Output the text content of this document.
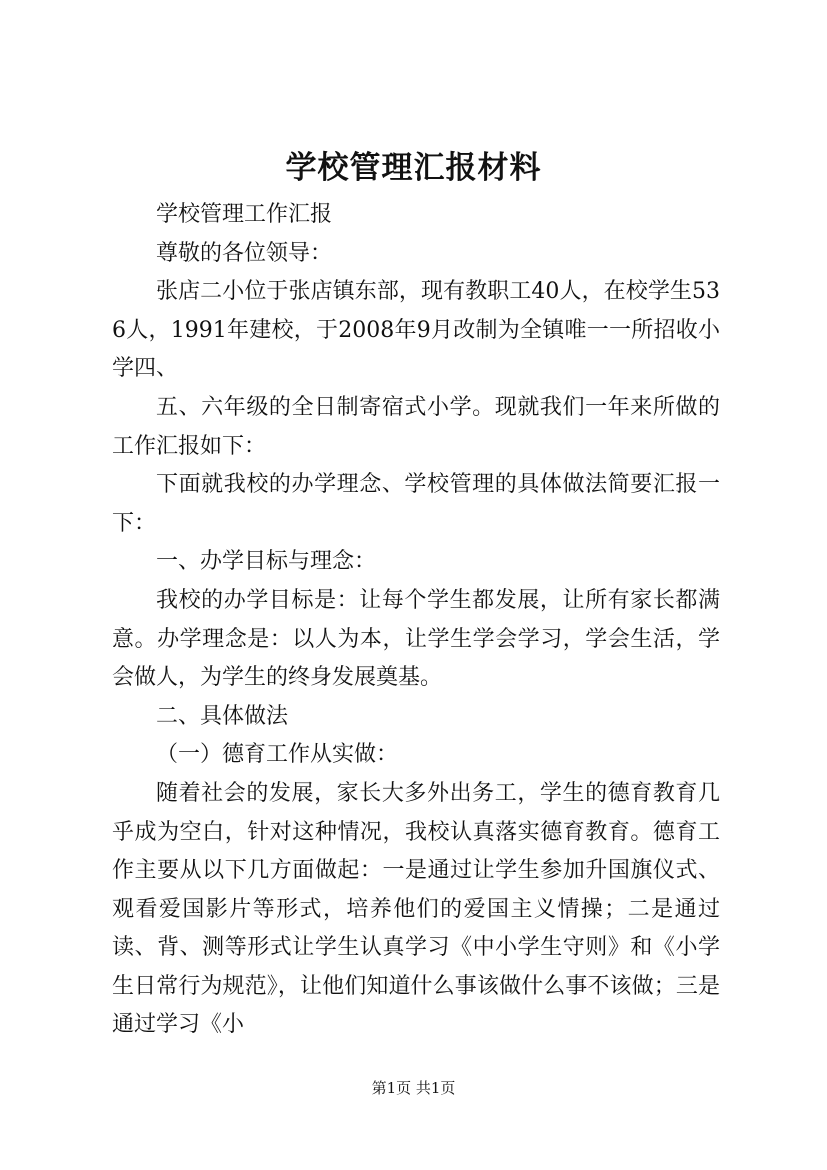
学校管理汇报材料

学校管理工作汇报

尊敬的各位领导：

张店二小位于张店镇东部，现有教职工40人，在校学生536人，1991年建校，于2008年9月改制为全镇唯一一所招收小学四、

五、六年级的全日制寄宿式小学。现就我们一年来所做的工作汇报如下：

下面就我校的办学理念、学校管理的具体做法简要汇报一下：

一、办学目标与理念：

我校的办学目标是：让每个学生都发展，让所有家长都满意。办学理念是：以人为本，让学生学会学习，学会生活，学会做人，为学生的终身发展奠基。

二、具体做法

（一）德育工作从实做：

随着社会的发展，家长大多外出务工，学生的德育教育几乎成为空白，针对这种情况，我校认真落实德育教育。德育工作主要从以下几方面做起：一是通过让学生参加升国旗仪式、观看爱国影片等形式，培养他们的爱国主义情操；二是通过读、背、测等形式让学生认真学习《中小学生守则》和《小学生日常行为规范》，让他们知道什么事该做什么事不该做；三是通过学习《小

第1页 共1页
